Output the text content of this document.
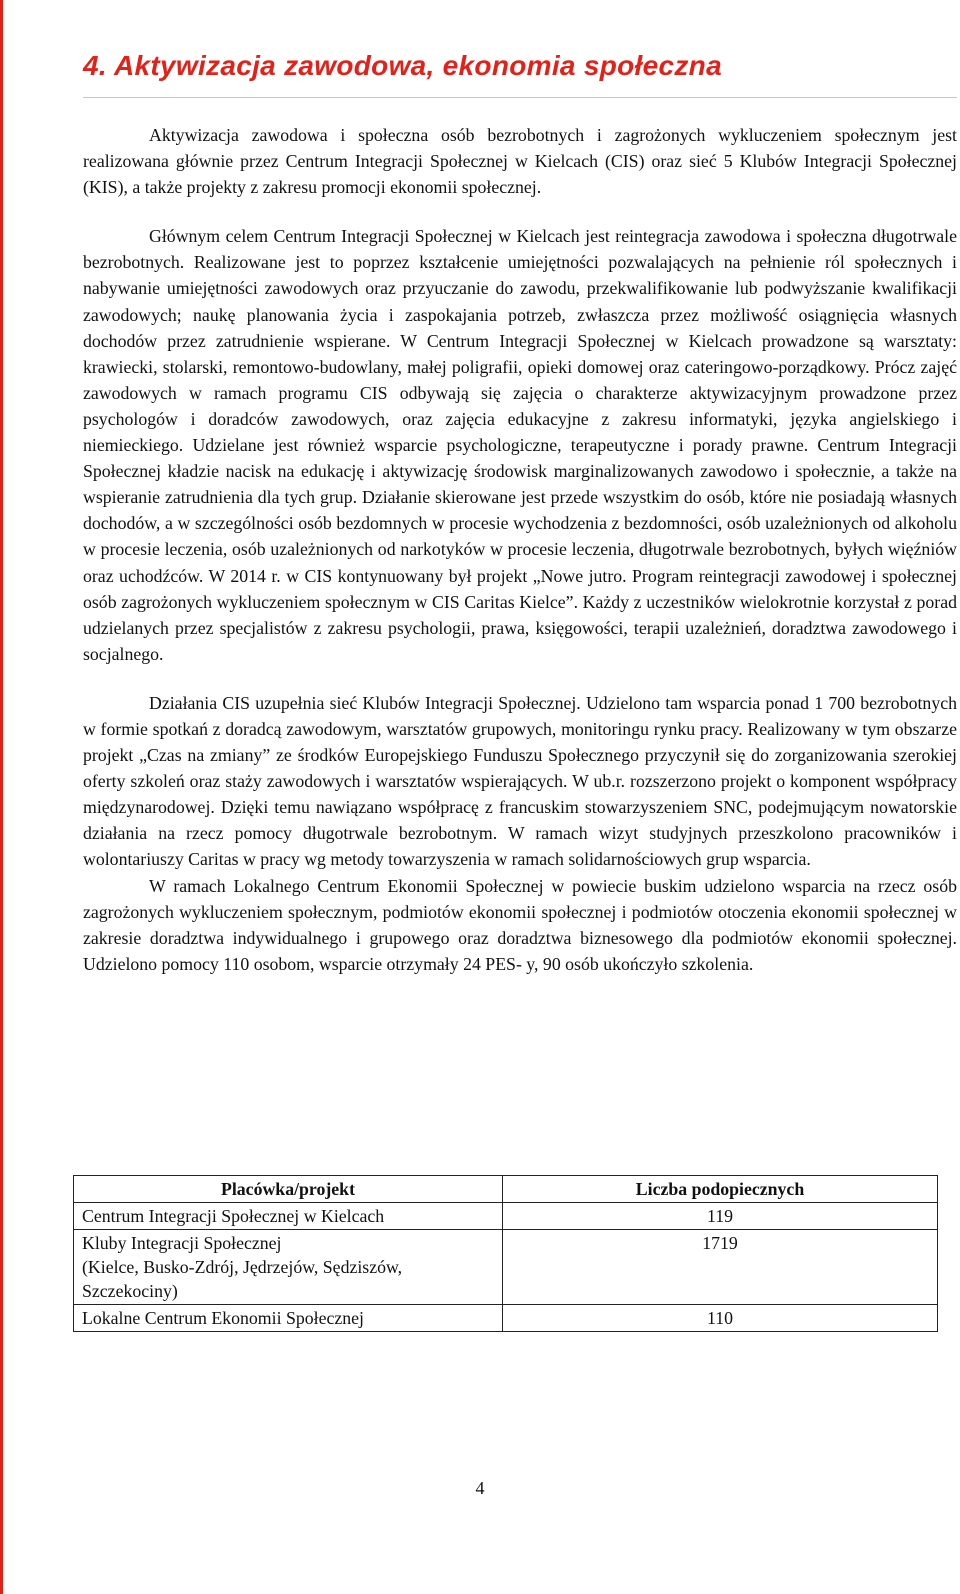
4. Aktywizacja zawodowa, ekonomia społeczna

Aktywizacja zawodowa i społeczna osób bezrobotnych i zagrożonych wykluczeniem społecznym jest realizowana głównie przez Centrum Integracji Społecznej w Kielcach (CIS) oraz sieć 5 Klubów Integracji Społecznej (KIS), a także projekty z zakresu promocji ekonomii społecznej.

Głównym celem Centrum Integracji Społecznej w Kielcach jest reintegracja zawodowa i społeczna długotrwale bezrobotnych. Realizowane jest to poprzez kształcenie umiejętności pozwalających na pełnienie ról społecznych i nabywanie umiejętności zawodowych oraz przyuczanie do zawodu, przekwalifikowanie lub podwyższanie kwalifikacji zawodowych; naukę planowania życia i zaspokajania potrzeb, zwłaszcza przez możliwość osiągnięcia własnych dochodów przez zatrudnienie wspierane. W Centrum Integracji Społecznej w Kielcach prowadzone są warsztaty: krawiecki, stolarski, remontowo-budowlany, małej poligrafii, opieki domowej oraz cateringowo-porządkowy. Prócz zajęć zawodowych w ramach programu CIS odbywają się zajęcia o charakterze aktywizacyjnym prowadzone przez psychologów i doradców zawodowych, oraz zajęcia edukacyjne z zakresu informatyki, języka angielskiego i niemieckiego. Udzielane jest również wsparcie psychologiczne, terapeutyczne i porady prawne. Centrum Integracji Społecznej kładzie nacisk na edukację i aktywizację środowisk marginalizowanych zawodowo i społecznie, a także na wspieranie zatrudnienia dla tych grup. Działanie skierowane jest przede wszystkim do osób, które nie posiadają własnych dochodów, a w szczególności osób bezdomnych w procesie wychodzenia z bezdomności, osób uzależnionych od alkoholu w procesie leczenia, osób uzależnionych od narkotyków w procesie leczenia, długotrwale bezrobotnych, byłych więźniów oraz uchodźców. W 2014 r. w CIS kontynuowany był projekt „Nowe jutro. Program reintegracji zawodowej i społecznej osób zagrożonych wykluczeniem społecznym w CIS Caritas Kielce”. Każdy z uczestników wielokrotnie korzystał z porad udzielanych przez specjalistów z zakresu psychologii, prawa, księgowości, terapii uzależnień, doradztwa zawodowego i socjalnego.

Działania CIS uzupełnia sieć Klubów Integracji Społecznej. Udzielono tam wsparcia ponad 1 700 bezrobotnych w formie spotkań z doradcą zawodowym, warsztatów grupowych, monitoringu rynku pracy. Realizowany w tym obszarze projekt „Czas na zmiany” ze środków Europejskiego Funduszu Społecznego przyczynił się do zorganizowania szerokiej oferty szkoleń oraz staży zawodowych i warsztatów wspierających. W ub.r. rozszerzono projekt o komponent współpracy międzynarodowej. Dzięki temu nawiązano współpracę z francuskim stowarzyszeniem SNC, podejmującym nowatorskie działania na rzecz pomocy długotrwale bezrobotnym. W ramach wizyt studyjnych przeszkolono pracowników i wolontariuszy Caritas w pracy wg metody towarzyszenia w ramach solidarnościowych grup wsparcia.

W ramach Lokalnego Centrum Ekonomii Społecznej w powiecie buskim udzielono wsparcia na rzecz osób zagrożonych wykluczeniem społecznym, podmiotów ekonomii społecznej i podmiotów otoczenia ekonomii społecznej w zakresie doradztwa indywidualnego i grupowego oraz doradztwa biznesowego dla podmiotów ekonomii społecznej. Udzielono pomocy 110 osobom, wsparcie otrzymały 24 PES- y, 90 osób ukończyło szkolenia.

Placówka/projekt	Liczba podopiecznych
Centrum Integracji Społecznej w Kielcach	119
Kluby Integracji Społecznej
(Kielce, Busko-Zdrój, Jędrzejów, Sędziszów, Szczekociny)	1719
Lokalne Centrum Ekonomii Społecznej	110
4
